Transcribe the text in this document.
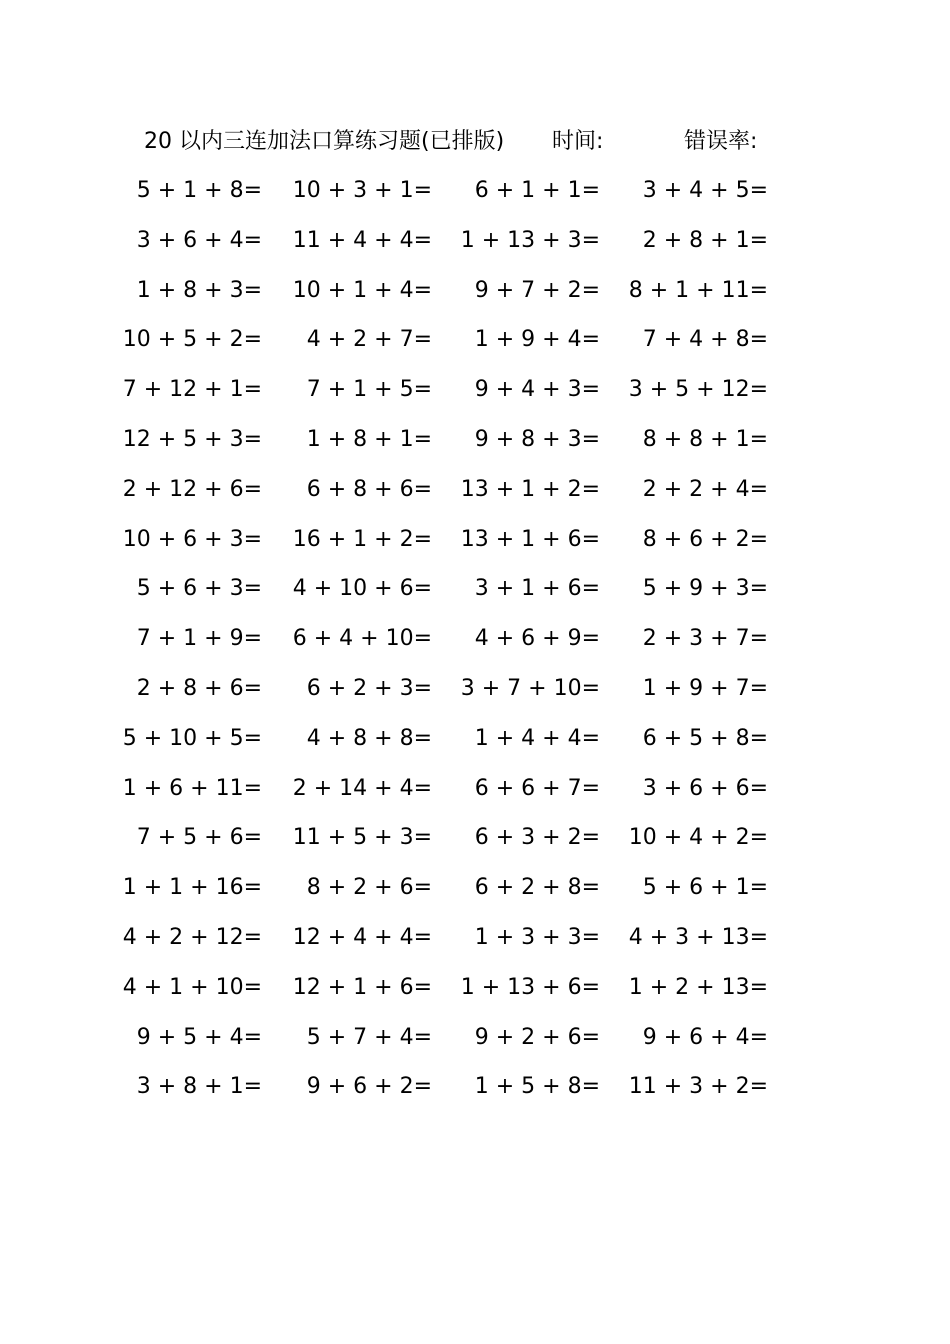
20 以内三连加法口算练习题(已排版) 时间:	错误率:
5 + 1 + 8=	10 + 3 + 1=	6 + 1 + 1=	3 + 4 + 5=
3 + 6 + 4=	11 + 4 + 4=	1 + 13 + 3=	2 + 8 + 1=
1 + 8 + 3=	10 + 1 + 4=	9 + 7 + 2=	8 + 1 + 11=
10 + 5 + 2=	4 + 2 + 7=	1 + 9 + 4=	7 + 4 + 8=
7 + 12 + 1=	7 + 1 + 5=	9 + 4 + 3=	3 + 5 + 12=
12 + 5 + 3=	1 + 8 + 1=	9 + 8 + 3=	8 + 8 + 1=
2 + 12 + 6=	6 + 8 + 6=	13 + 1 + 2=	2 + 2 + 4=
10 + 6 + 3=	16 + 1 + 2=	13 + 1 + 6=	8 + 6 + 2=
5 + 6 + 3=	4 + 10 + 6=	3 + 1 + 6=	5 + 9 + 3=
7 + 1 + 9=	6 + 4 + 10=	4 + 6 + 9=	2 + 3 + 7=
2 + 8 + 6=	6 + 2 + 3=	3 + 7 + 10=	1 + 9 + 7=
5 + 10 + 5=	4 + 8 + 8=	1 + 4 + 4=	6 + 5 + 8=
1 + 6 + 11=	2 + 14 + 4=	6 + 6 + 7=	3 + 6 + 6=
7 + 5 + 6=	11 + 5 + 3=	6 + 3 + 2=	10 + 4 + 2=
1 + 1 + 16=	8 + 2 + 6=	6 + 2 + 8=	5 + 6 + 1=
4 + 2 + 12=	12 + 4 + 4=	1 + 3 + 3=	4 + 3 + 13=
4 + 1 + 10=	12 + 1 + 6=	1 + 13 + 6=	1 + 2 + 13=
9 + 5 + 4=	5 + 7 + 4=	9 + 2 + 6=	9 + 6 + 4=
3 + 8 + 1=	9 + 6 + 2=	1 + 5 + 8=	11 + 3 + 2=
